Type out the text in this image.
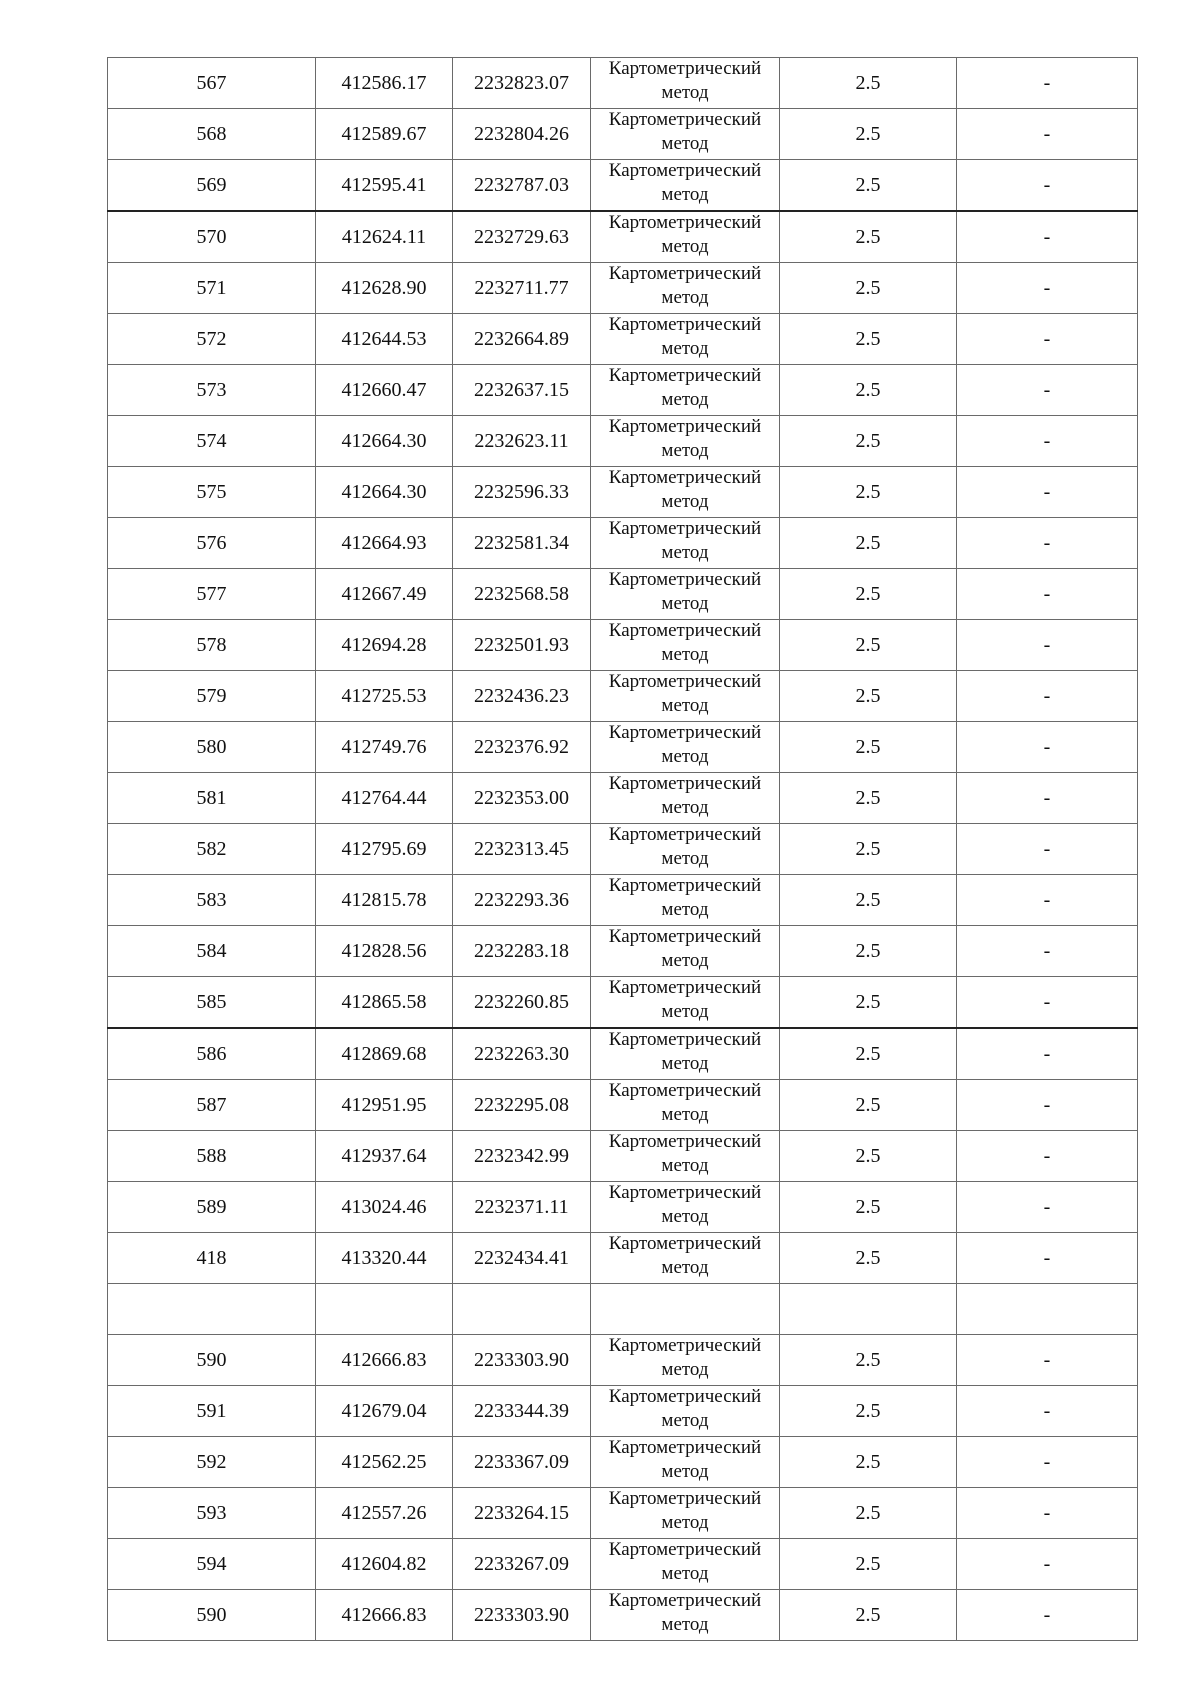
567	412586.17	2232823.07	Картометрический метод	2.5	-
568	412589.67	2232804.26	Картометрический метод	2.5	-
569	412595.41	2232787.03	Картометрический метод	2.5	-
570	412624.11	2232729.63	Картометрический метод	2.5	-
571	412628.90	2232711.77	Картометрический метод	2.5	-
572	412644.53	2232664.89	Картометрический метод	2.5	-
573	412660.47	2232637.15	Картометрический метод	2.5	-
574	412664.30	2232623.11	Картометрический метод	2.5	-
575	412664.30	2232596.33	Картометрический метод	2.5	-
576	412664.93	2232581.34	Картометрический метод	2.5	-
577	412667.49	2232568.58	Картометрический метод	2.5	-
578	412694.28	2232501.93	Картометрический метод	2.5	-
579	412725.53	2232436.23	Картометрический метод	2.5	-
580	412749.76	2232376.92	Картометрический метод	2.5	-
581	412764.44	2232353.00	Картометрический метод	2.5	-
582	412795.69	2232313.45	Картометрический метод	2.5	-
583	412815.78	2232293.36	Картометрический метод	2.5	-
584	412828.56	2232283.18	Картометрический метод	2.5	-
585	412865.58	2232260.85	Картометрический метод	2.5	-
586	412869.68	2232263.30	Картометрический метод	2.5	-
587	412951.95	2232295.08	Картометрический метод	2.5	-
588	412937.64	2232342.99	Картометрический метод	2.5	-
589	413024.46	2232371.11	Картометрический метод	2.5	-
418	413320.44	2232434.41	Картометрический метод	2.5	-

590	412666.83	2233303.90	Картометрический метод	2.5	-
591	412679.04	2233344.39	Картометрический метод	2.5	-
592	412562.25	2233367.09	Картометрический метод	2.5	-
593	412557.26	2233264.15	Картометрический метод	2.5	-
594	412604.82	2233267.09	Картометрический метод	2.5	-
590	412666.83	2233303.90	Картометрический метод	2.5	-
